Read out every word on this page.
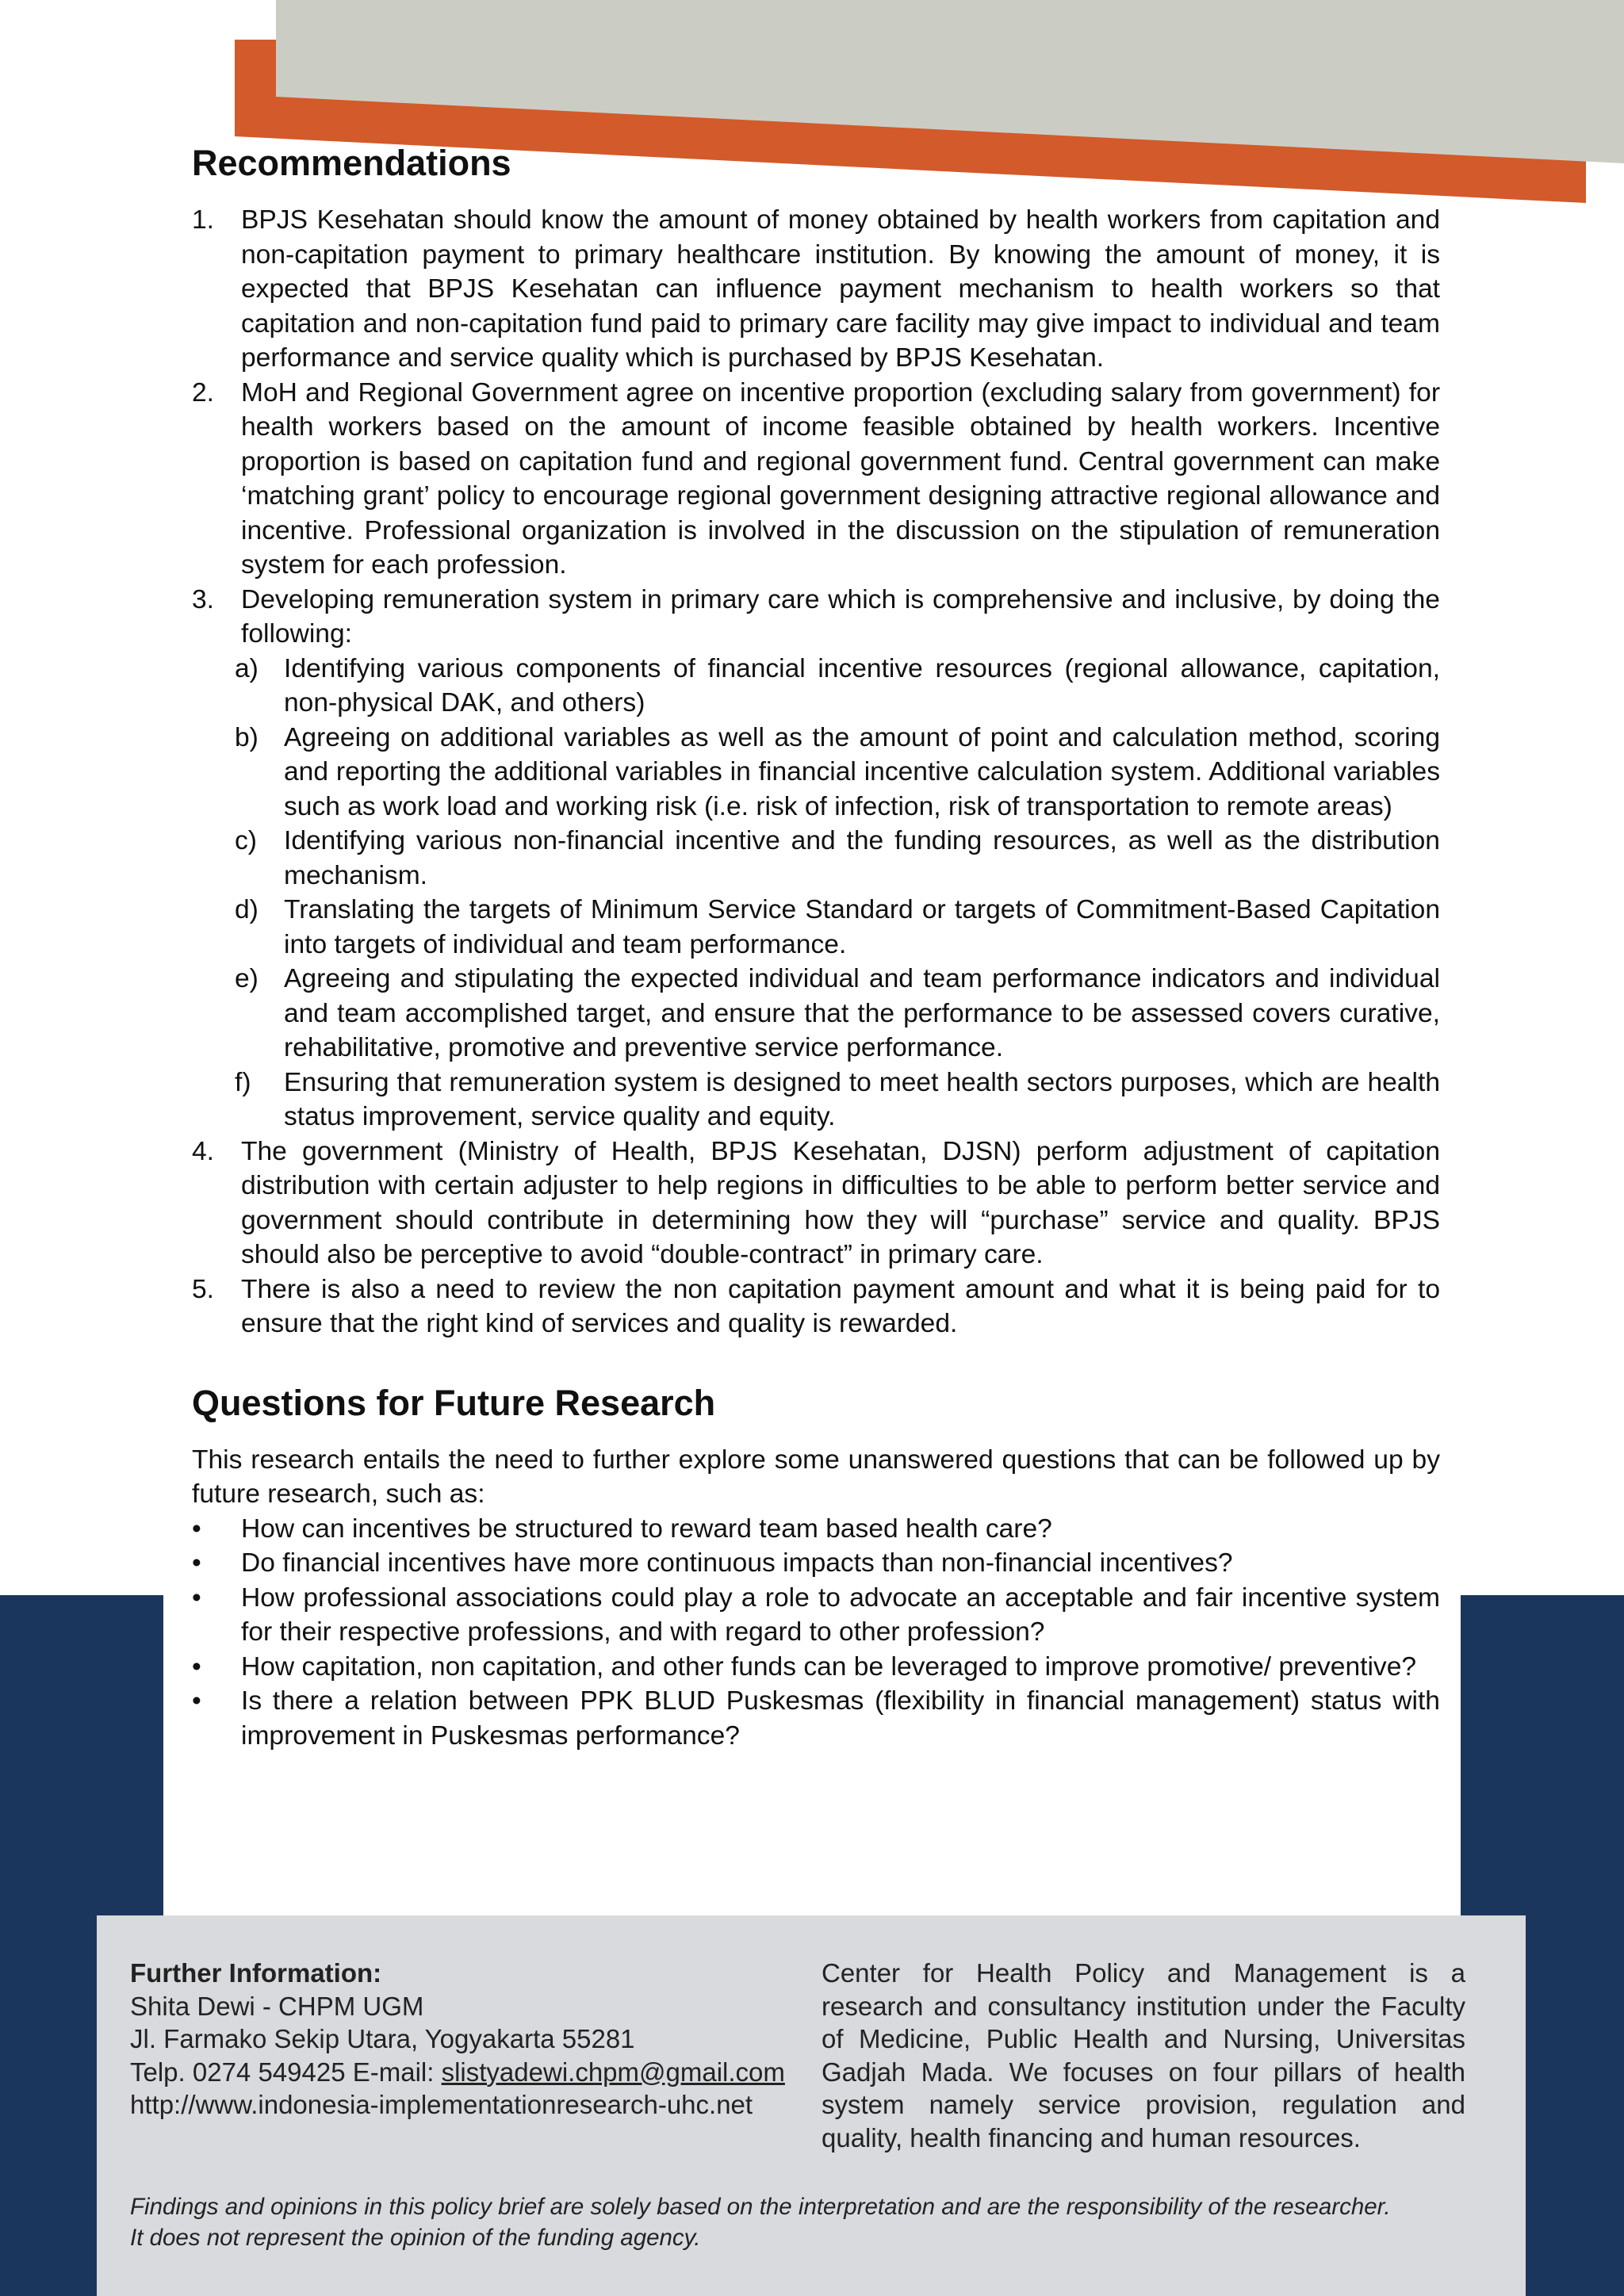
Recommendations
1. BPJS Kesehatan should know the amount of money obtained by health workers from capitation and non-capitation payment to primary healthcare institution. By knowing the amount of money, it is expected that BPJS Kesehatan can influence payment mechanism to health workers so that capitation and non-capitation fund paid to primary care facility may give impact to individual and team performance and service quality which is purchased by BPJS Kesehatan.
2. MoH and Regional Government agree on incentive proportion (excluding salary from government) for health workers based on the amount of income feasible obtained by health workers. Incentive proportion is based on capitation fund and regional government fund. Central government can make ‘matching grant’ policy to encourage regional government designing attractive regional allowance and incentive. Professional organization is involved in the discussion on the stipulation of remuneration system for each profession.
3. Developing remuneration system in primary care which is comprehensive and inclusive, by doing the following:
a) Identifying various components of financial incentive resources (regional allowance, capitation, non-physical DAK, and others)
b) Agreeing on additional variables as well as the amount of point and calculation method, scoring and reporting the additional variables in financial incentive calculation system. Additional variables such as work load and working risk (i.e. risk of infection, risk of transportation to remote areas)
c) Identifying various non-financial incentive and the funding resources, as well as the distribution mechanism.
d) Translating the targets of Minimum Service Standard or targets of Commitment-Based Capitation into targets of individual and team performance.
e) Agreeing and stipulating the expected individual and team performance indicators and individual and team accomplished target, and ensure that the performance to be assessed covers curative, rehabilitative, promotive and preventive service performance.
f) Ensuring that remuneration system is designed to meet health sectors purposes, which are health status improvement, service quality and equity.
4. The government (Ministry of Health, BPJS Kesehatan, DJSN) perform adjustment of capitation distribution with certain adjuster to help regions in difficulties to be able to perform better service and government should contribute in determining how they will “purchase” service and quality. BPJS should also be perceptive to avoid “double-contract” in primary care.
5. There is also a need to review the non capitation payment amount and what it is being paid for to ensure that the right kind of services and quality is rewarded.
Questions for Future Research

This research entails the need to further explore some unanswered questions that can be followed up by future research, such as:

• How can incentives be structured to reward team based health care?
• Do financial incentives have more continuous impacts than non-financial incentives?
• How professional associations could play a role to advocate an acceptable and fair incentive system for their respective professions, and with regard to other profession?
• How capitation, non capitation, and other funds can be leveraged to improve promotive/ preventive?
• Is there a relation between PPK BLUD Puskesmas (flexibility in financial management) status with improvement in Puskesmas performance?
Further Information:
Shita Dewi - CHPM UGM
Jl. Farmako Sekip Utara, Yogyakarta 55281
Telp. 0274 549425 E-mail: slistyadewi.chpm@gmail.com
http://www.indonesia-implementationresearch-uhc.net
Center for Health Policy and Management is a research and consultancy institution under the Faculty of Medicine, Public Health and Nursing, Universitas Gadjah Mada. We focuses on four pillars of health system namely service provision, regulation and quality, health financing and human resources.
Findings and opinions in this policy brief are solely based on the interpretation and are the responsibility of the researcher.
It does not represent the opinion of the funding agency.
